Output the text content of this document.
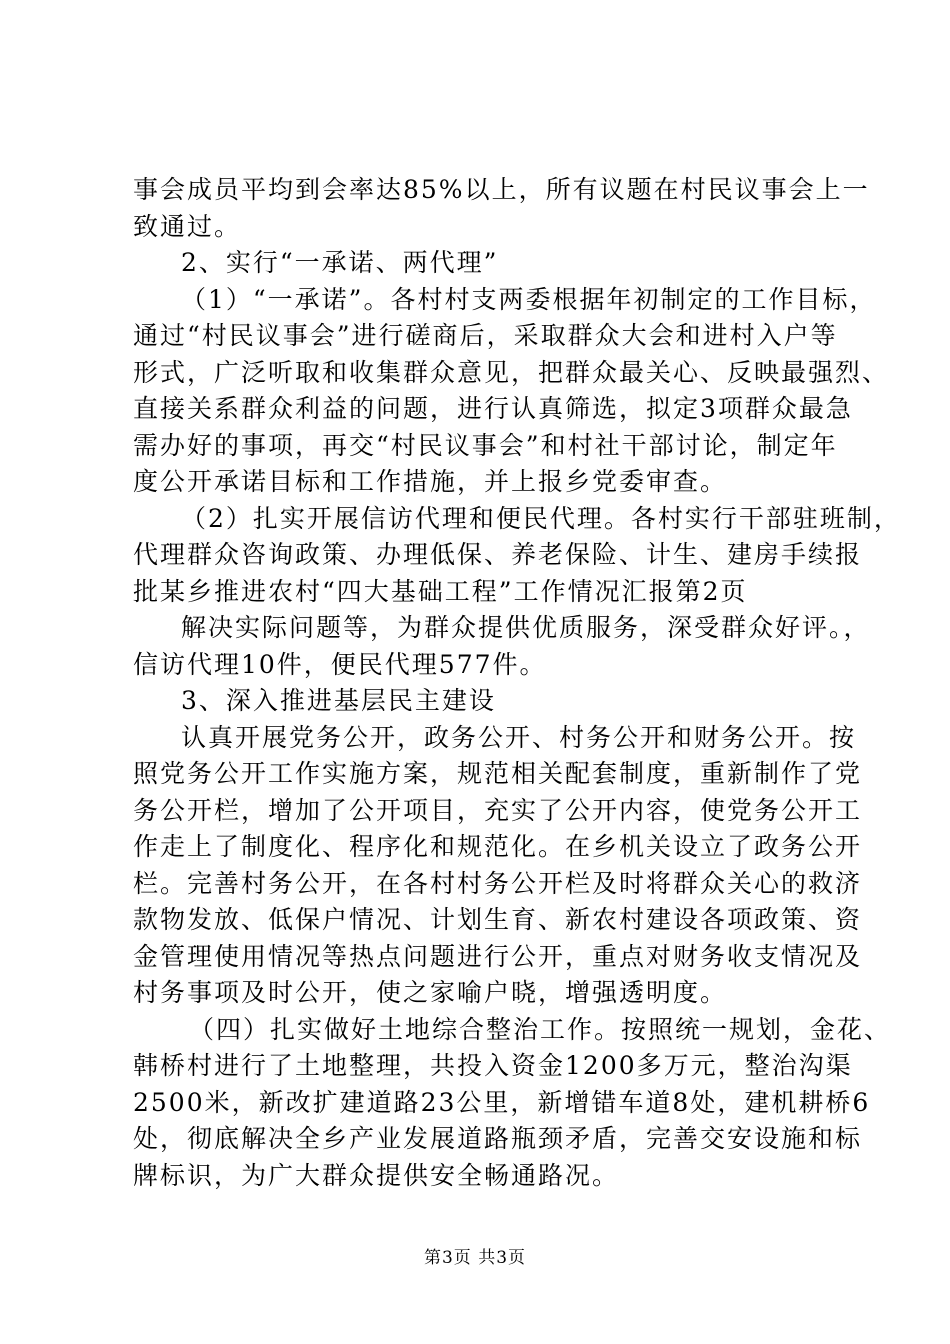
事会成员平均到会率达85%以上，所有议题在村民议事会上一
致通过。
2、实行“一承诺、两代理”
（1）“一承诺”。各村村支两委根据年初制定的工作目标，
通过“村民议事会”进行磋商后，采取群众大会和进村入户等
形式，广泛听取和收集群众意见，把群众最关心、反映最强烈、
直接关系群众利益的问题，进行认真筛选，拟定3项群众最急
需办好的事项，再交“村民议事会”和村社干部讨论，制定年
度公开承诺目标和工作措施，并上报乡党委审查。
（2）扎实开展信访代理和便民代理。各村实行干部驻班制，
代理群众咨询政策、办理低保、养老保险、计生、建房手续报
批某乡推进农村“四大基础工程”工作情况汇报第2页
解决实际问题等，为群众提供优质服务，深受群众好评。，
信访代理10件，便民代理577件。
3、深入推进基层民主建设
认真开展党务公开，政务公开、村务公开和财务公开。按
照党务公开工作实施方案，规范相关配套制度，重新制作了党
务公开栏，增加了公开项目，充实了公开内容，使党务公开工
作走上了制度化、程序化和规范化。在乡机关设立了政务公开
栏。完善村务公开，在各村村务公开栏及时将群众关心的救济
款物发放、低保户情况、计划生育、新农村建设各项政策、资
金管理使用情况等热点问题进行公开，重点对财务收支情况及
村务事项及时公开，使之家喻户晓，增强透明度。
（四）扎实做好土地综合整治工作。按照统一规划，金花、
韩桥村进行了土地整理，共投入资金1200多万元，整治沟渠
2500米，新改扩建道路23公里，新增错车道8处，建机耕桥6
处，彻底解决全乡产业发展道路瓶颈矛盾，完善交安设施和标
牌标识，为广大群众提供安全畅通路况。
第3页 共3页
